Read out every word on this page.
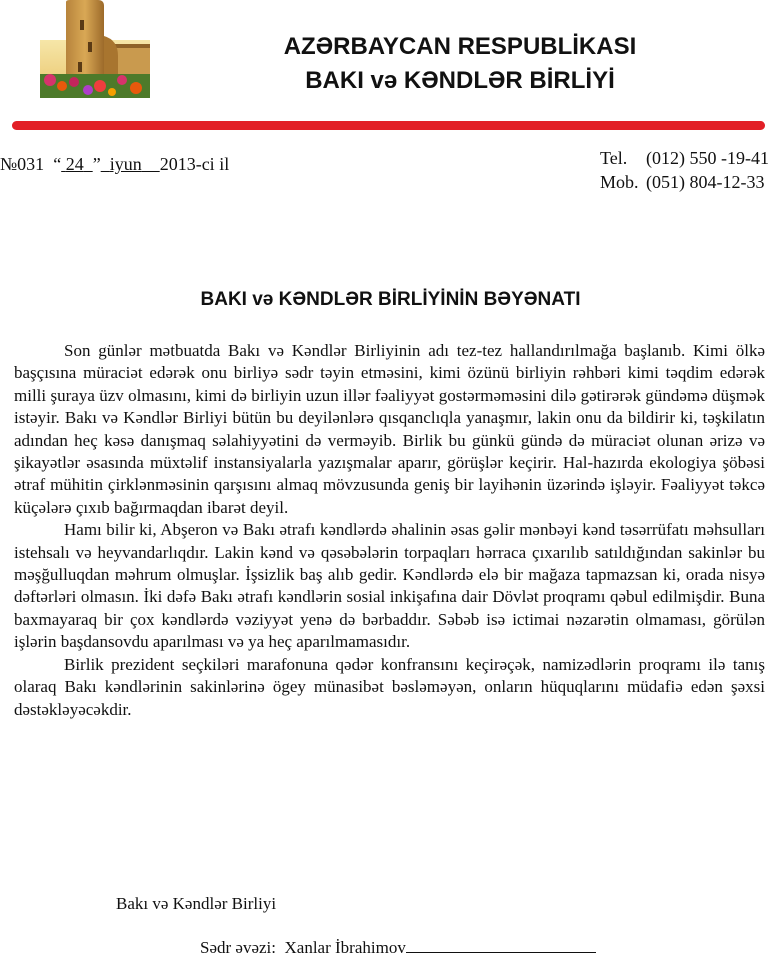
AZƏRBAYCAN RESPUBLİKASI
BAKI və KƏNDLƏR BİRLİYİ
№031 “ 24 ” iyun 2013-ci il	Tel. (012) 550 -19-41
Mob. (051) 804-12-33
BAKI və KƏNDLƏR BİRLİYİNİN BƏYƏNATI

Son günlər mətbuatda Bakı və Kəndlər Birliyinin adı tez-tez hallandırılmağa başlanıb. Kimi ölkə başçısına müraciət edərək onu birliyə sədr təyin etməsini, kimi özünü birliyin rəhbəri kimi təqdim edərək milli şuraya üzv olmasını, kimi də birliyin uzun illər fəaliyyət gostərməməsini dilə gətirərək gündəmə düşmək istəyir. Bakı və Kəndlər Birliyi bütün bu deyilənlərə qısqanclıqla yanaşmır, lakin onu da bildirir ki, təşkilatın adından heç kəsə danışmaq səlahiyyətini də verməyib. Birlik bu günkü gündə də müraciət olunan ərizə və şikayətlər əsasında müxtəlif instansiyalarla yazışmalar aparır, görüşlər keçirir. Hal-hazırda ekologiya şöbəsi ətraf mühitin çirklənməsinin qarşısını almaq mövzusunda geniş bir layihənin üzərində işləyir. Fəaliyyət təkcə küçələrə çıxıb bağırmaqdan ibarət deyil.

Hamı bilir ki, Abşeron və Bakı ətrafı kəndlərdə əhalinin əsas gəlir mənbəyi kənd təsərrüfatı məhsulları istehsalı və heyvandarlıqdır. Lakin kənd və qəsəbələrin torpaqları hərraca çıxarılıb satıldığından sakinlər bu məşğulluqdan məhrum olmuşlar. İşsizlik baş alıb gedir. Kəndlərdə elə bir mağaza tapmazsan ki, orada nisyə dəftərləri olmasın. İki dəfə Bakı ətrafı kəndlərin sosial inkişafına dair Dövlət proqramı qəbul edilmişdir. Buna baxmayaraq bir çox kəndlərdə vəziyyət yenə də bərbaddır. Səbəb isə ictimai nəzarətin olmaması, görülən işlərin başdansovdu aparılması və ya heç aparılmamasıdır.

Birlik prezident seçkiləri marafonuna qədər konfransını keçirəçək, namizədlərin proqramı ilə tanış olaraq Bakı kəndlərinin sakinlərinə ögey münasibət bəsləməyən, onların hüquqlarını müdafiə edən şəxsi dəstəkləyəcəkdir.

Bakı və Kəndlər Birliyi
Sədr əvəzi: Xanlar İbrahimov
